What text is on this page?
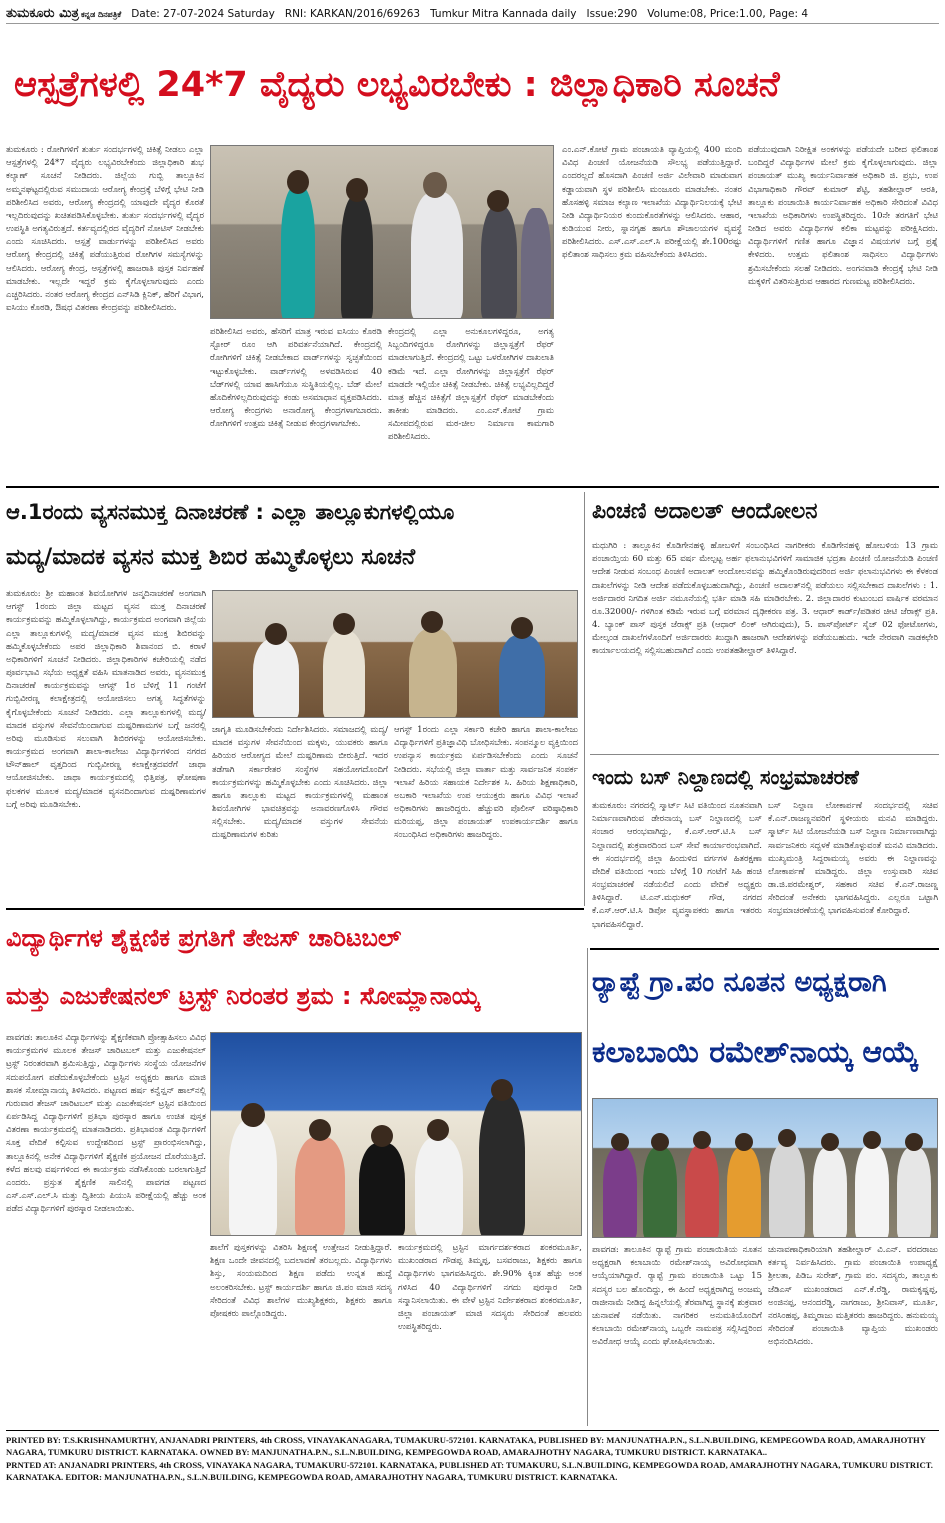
ತುಮಕೂರು ಮಿತ್ರ ಕನ್ನಡ ದಿನಪತ್ರಿಕೆ Date: 27-07-2024 Saturday RNI: KARKAN/2016/69263 Tumkur Mitra Kannada daily Issue:290 Volume:08, Price:1.00, Page: 4
ಆಸ್ಪತ್ರೆಗಳಲ್ಲಿ 24*7 ವೈದ್ಯರು ಲಭ್ಯವಿರಬೇಕು : ಜಿಲ್ಲಾಧಿಕಾರಿ ಸೂಚನೆ
ತುಮಕೂರು : ರೋಗಿಗಳಿಗೆ ತುರ್ತು ಸಂದರ್ಭಗಳಲ್ಲಿ ಚಿಕಿತ್ಸೆ ನೀಡಲು ಎಲ್ಲಾ ಆಸ್ಪತ್ರೆಗಳಲ್ಲಿ 24*7 ವೈದ್ಯರು ಲಭ್ಯವಿರಬೇಕೆಂದು ಜಿಲ್ಲಾಧಿಕಾರಿ ಶುಭ ಕಲ್ಯಾಣ್ ಸೂಚನೆ ನೀಡಿದರು. ಜಿಲ್ಲೆಯ ಗುಬ್ಬಿ ತಾಲ್ಲೂಕಿನ ಅಮ್ಮನಘಟ್ಟದಲ್ಲಿರುವ ಸಮುದಾಯ ಆರೋಗ್ಯ ಕೇಂದ್ರಕ್ಕೆ ಬೆಳಿಗ್ಗೆ ಭೇಟಿ ನೀಡಿ ಪರಿಶೀಲಿಸಿದ ಅವರು, ಆರೋಗ್ಯ ಕೇಂದ್ರದಲ್ಲಿ ಯಾವುದೇ ವೈದ್ಯರ ಕೊರತೆ ಇಲ್ಲದಿರುವುದನ್ನು ಖಚಿತಪಡಿಸಿಕೊಳ್ಳಬೇಕು. ತುರ್ತು ಸಂದರ್ಭಗಳಲ್ಲಿ ವೈದ್ಯರ ಉಪಸ್ಥಿತಿ ಅಗತ್ಯವಿರುತ್ತದೆ. ಕರ್ತವ್ಯದಲ್ಲಿರದ ವೈದ್ಯರಿಗೆ ನೋಟಿಸ್ ನೀಡಬೇಕು ಎಂದು ಸೂಚಿಸಿದರು. ಆಸ್ಪತ್ರೆ ವಾರ್ಡುಗಳನ್ನು ಪರಿಶೀಲಿಸಿದ ಅವರು ಆರೋಗ್ಯ ಕೇಂದ್ರದಲ್ಲಿ ಚಿಕಿತ್ಸೆ ಪಡೆಯುತ್ತಿರುವ ರೋಗಿಗಳ ಸಮಸ್ಯೆಗಳನ್ನು ಆಲಿಸಿದರು. ಆರೋಗ್ಯ ಕೇಂದ್ರ, ಆಸ್ಪತ್ರೆಗಳಲ್ಲಿ ಹಾಜರಾತಿ ಪುಸ್ತಕ ನಿರ್ವಹಣೆ ಮಾಡಬೇಕು. ಇಲ್ಲದೇ ಇದ್ದರೆ ಕ್ರಮ ಕೈಗೊಳ್ಳಲಾಗುವುದು ಎಂದು ಎಚ್ಚರಿಸಿದರು. ನಂತರ ಆರೋಗ್ಯ ಕೇಂದ್ರದ ಎನ್‌ಸಿಡಿ ಕ್ಲಿನಿಕ್, ಹೆರಿಗೆ ವಿಭಾಗ, ಐಸಿಯು ಕೊಠಡಿ, ಔಷಧ ವಿತರಣಾ ಕೇಂದ್ರವನ್ನು ಪರಿಶೀಲಿಸಿದರು.
ಪರಿಶೀಲಿಸಿದ ಅವರು, ಹೆಸರಿಗೆ ಮಾತ್ರ ಇರುವ ಐಸಿಯು ಕೊಠಡಿ ಸ್ಟೋರ್ ರೂಂ ಆಗಿ ಪರಿವರ್ತನೆಯಾಗಿದೆ. ಕೇಂದ್ರದಲ್ಲಿ ರೋಗಿಗಳಿಗೆ ಚಿಕಿತ್ಸೆ ನೀಡಬೇಕಾದ ವಾರ್ಡ್‌ಗಳನ್ನು ಸ್ವಚ್ಛತೆಯಿಂದ ಇಟ್ಟುಕೊಳ್ಳಬೇಕು. ವಾರ್ಡ್‌ಗಳಲ್ಲಿ ಅಳವಡಿಸಿರುವ 40 ಬೆಡ್‌ಗಳಲ್ಲಿ ಯಾವ ಹಾಸಿಗೆಯೂ ಸುಸ್ಥಿತಿಯಲ್ಲಿಲ್ಲ. ಬೆಡ್ ಮೇಲೆ ಹೊದಿಕೆಗಳಿಲ್ಲದಿರುವುದನ್ನು ಕಂಡು ಅಸಮಾಧಾನ ವ್ಯಕ್ತಪಡಿಸಿದರು. ಆರೋಗ್ಯ ಕೇಂದ್ರಗಳು ಅನಾರೋಗ್ಯ ಕೇಂದ್ರಗಳಾಗಬಾರದು. ರೋಗಿಗಳಿಗೆ ಉತ್ತಮ ಚಿಕಿತ್ಸೆ ನೀಡುವ ಕೇಂದ್ರಗಳಾಗಬೇಕು.
ಕೇಂದ್ರದಲ್ಲಿ ಎಲ್ಲಾ ಅನುಕೂಲಗಳಿದ್ದರೂ, ಅಗತ್ಯ ಸಿಬ್ಬಂದಿಗಳಿದ್ದರೂ ರೋಗಿಗಳನ್ನು ಜಿಲ್ಲಾಸ್ಪತ್ರೆಗೆ ರೆಫರ್ ಮಾಡಲಾಗುತ್ತಿದೆ. ಕೇಂದ್ರದಲ್ಲಿ ಒಟ್ಟು ಒಳರೋಗಿಗಳ ದಾಖಲಾತಿ ಕಡಿಮೆ ಇದೆ. ಎಲ್ಲಾ ರೋಗಿಗಳನ್ನು ಜಿಲ್ಲಾಸ್ಪತ್ರೆಗೆ ರೆಫರ್ ಮಾಡದೇ ಇಲ್ಲಿಯೇ ಚಿಕಿತ್ಸೆ ನೀಡಬೇಕು. ಚಿಕಿತ್ಸೆ ಲಭ್ಯವಿಲ್ಲದಿದ್ದರೆ ಮಾತ್ರ ಹೆಚ್ಚಿನ ಚಿಕಿತ್ಸೆಗೆ ಜಿಲ್ಲಾಸ್ಪತ್ರೆಗೆ ರೆಫರ್ ಮಾಡಬೇಕೆಂದು ತಾಕೀತು ಮಾಡಿದರು. ಎಂ.ಎನ್.ಕೋಟೆ ಗ್ರಾಮ ಸಮೀಪದಲ್ಲಿರುವ ಮಠ-ಚೀಲ ನಿರ್ಮಾಣ ಕಾಮಗಾರಿ ಪರಿಶೀಲಿಸಿದರು.
ಎಂ.ಎನ್.ಕೋಟೆ ಗ್ರಾಮ ಪಂಚಾಯತಿ ವ್ಯಾಪ್ತಿಯಲ್ಲಿ 400 ಮಂದಿ ವಿವಿಧ ಪಿಂಚಣಿ ಯೋಜನೆಯಡಿ ಸೌಲಭ್ಯ ಪಡೆಯುತ್ತಿದ್ದಾರೆ. ಎಂದರಲ್ಲದೆ ಹೊಸದಾಗಿ ಪಿಂಚಣಿ ಅರ್ಜಿ ವಿಲೇವಾರಿ ಮಾಡುವಾಗ ಕಡ್ಡಾಯವಾಗಿ ಸ್ಥಳ ಪರಿಶೀಲಿಸಿ ಮಂಜೂರು ಮಾಡಬೇಕು. ನಂತರ ಹೊಸಹಳ್ಳಿ ಸಮಾಜ ಕಲ್ಯಾಣ ಇಲಾಖೆಯ ವಿದ್ಯಾರ್ಥಿನಿಲಯಕ್ಕೆ ಭೇಟಿ ನೀಡಿ ವಿದ್ಯಾರ್ಥಿನಿಯರ ಕುಂದುಕೊರತೆಗಳನ್ನು ಆಲಿಸಿದರು. ಆಹಾರ, ಕುಡಿಯುವ ನೀರು, ಸ್ನಾನಗೃಹ ಹಾಗೂ ಶೌಚಾಲಯಗಳ ವ್ಯವಸ್ಥೆ ಪರಿಶೀಲಿಸಿದರು. ಎಸ್.ಎಸ್.ಎಲ್.ಸಿ ಪರೀಕ್ಷೆಯಲ್ಲಿ ಶೇ.100ರಷ್ಟು ಫಲಿತಾಂಶ ಸಾಧಿಸಲು ಕ್ರಮ ವಹಿಸಬೇಕೆಂದು ತಿಳಿಸಿದರು.
ಪಡೆಯುವುದಾಗಿ ನಿರೀಕ್ಷಿತ ಅಂಕಗಳನ್ನು ಪಡೆಯದೇ ಬರೀದ ಫಲಿತಾಂಶ ಬಂದಿದ್ದರೆ ವಿದ್ಯಾರ್ಥಿಗಳ ಮೇಲೆ ಕ್ರಮ ಕೈಗೊಳ್ಳಲಾಗುವುದು. ಜಿಲ್ಲಾ ಪಂಚಾಯತ್ ಮುಖ್ಯ ಕಾರ್ಯನಿರ್ವಾಹಕ ಅಧಿಕಾರಿ ಜಿ. ಪ್ರಭು, ಉಪ ವಿಭಾಗಾಧಿಕಾರಿ ಗೌರವ್ ಕುಮಾರ್ ಶೆಟ್ಟಿ, ತಹಶೀಲ್ದಾರ್ ಆರತಿ, ತಾಲ್ಲೂಕು ಪಂಚಾಯಿತಿ ಕಾರ್ಯನಿರ್ವಾಹಕ ಅಧಿಕಾರಿ ಸೇರಿದಂತೆ ವಿವಿಧ ಇಲಾಖೆಯ ಅಧಿಕಾರಿಗಳು ಉಪಸ್ಥಿತರಿದ್ದರು. 10ನೇ ತರಗತಿಗೆ ಭೇಟಿ ನೀಡಿದ ಅವರು ವಿದ್ಯಾರ್ಥಿಗಳ ಕಲಿಕಾ ಮಟ್ಟವನ್ನು ಪರೀಕ್ಷಿಸಿದರು. ವಿದ್ಯಾರ್ಥಿಗಳಿಗೆ ಗಣಿತ ಹಾಗೂ ವಿಜ್ಞಾನ ವಿಷಯಗಳ ಬಗ್ಗೆ ಪ್ರಶ್ನೆ ಕೇಳಿದರು. ಉತ್ತಮ ಫಲಿತಾಂಶ ಸಾಧಿಸಲು ವಿದ್ಯಾರ್ಥಿಗಳು ಶ್ರಮಿಸಬೇಕೆಂದು ಸಲಹೆ ನೀಡಿದರು. ಅಂಗನವಾಡಿ ಕೇಂದ್ರಕ್ಕೆ ಭೇಟಿ ನೀಡಿ ಮಕ್ಕಳಿಗೆ ವಿತರಿಸುತ್ತಿರುವ ಆಹಾರದ ಗುಣಮಟ್ಟ ಪರಿಶೀಲಿಸಿದರು.
ಆ.1ರಂದು ವ್ಯಸನಮುಕ್ತ ದಿನಾಚರಣೆ : ಎಲ್ಲಾ ತಾಲ್ಲೂಕುಗಳಲ್ಲಿಯೂ
ಮದ್ಯ/ಮಾದಕ ವ್ಯಸನ ಮುಕ್ತ ಶಿಬಿರ ಹಮ್ಮಿಕೊಳ್ಳಲು ಸೂಚನೆ
ತುಮಕೂರು: ಶ್ರೀ ಮಹಾಂತ ಶಿವಯೋಗಿಗಳ ಜನ್ಮದಿನಾಚರಣೆ ಅಂಗವಾಗಿ ಆಗಸ್ಟ್ 1ರಂದು ಜಿಲ್ಲಾ ಮಟ್ಟದ ವ್ಯಸನ ಮುಕ್ತ ದಿನಾಚರಣೆ ಕಾರ್ಯಕ್ರಮವನ್ನು ಹಮ್ಮಿಕೊಳ್ಳಲಾಗಿದ್ದು, ಕಾರ್ಯಕ್ರಮದ ಅಂಗವಾಗಿ ಜಿಲ್ಲೆಯ ಎಲ್ಲಾ ತಾಲ್ಲೂಕುಗಳಲ್ಲಿ ಮದ್ಯ/ಮಾದಕ ವ್ಯಸನ ಮುಕ್ತ ಶಿಬಿರವನ್ನು ಹಮ್ಮಿಕೊಳ್ಳಬೇಕೆಂದು ಅಪರ ಜಿಲ್ಲಾಧಿಕಾರಿ ಶಿವಾನಂದ ಬಿ. ಕರಾಳೆ ಅಧಿಕಾರಿಗಳಿಗೆ ಸೂಚನೆ ನೀಡಿದರು. ಜಿಲ್ಲಾಧಿಕಾರಿಗಳ ಕಚೇರಿಯಲ್ಲಿ ನಡೆದ ಪೂರ್ವಭಾವಿ ಸಭೆಯ ಅಧ್ಯಕ್ಷತೆ ವಹಿಸಿ ಮಾತನಾಡಿದ ಅವರು, ವ್ಯಸನಮುಕ್ತ ದಿನಾಚರಣೆ ಕಾರ್ಯಕ್ರಮವನ್ನು ಆಗಸ್ಟ್ 1ರ ಬೆಳಿಗ್ಗೆ 11 ಗಂಟೆಗೆ ಗುಬ್ಬಿವೀರಣ್ಣ ಕಲಾಕ್ಷೇತ್ರದಲ್ಲಿ ಆಯೋಜಿಸಲು ಅಗತ್ಯ ಸಿದ್ಧತೆಗಳನ್ನು ಕೈಗೊಳ್ಳಬೇಕೆಂದು ಸೂಚನೆ ನೀಡಿದರು. ಎಲ್ಲಾ ತಾಲ್ಲೂಕುಗಳಲ್ಲಿ ಮದ್ಯ/ಮಾದಕ ವಸ್ತುಗಳ ಸೇವನೆಯಿಂದಾಗುವ ದುಷ್ಪರಿಣಾಮಗಳ ಬಗ್ಗೆ ಜನರಲ್ಲಿ ಅರಿವು ಮೂಡಿಸುವ ಸಲುವಾಗಿ ಶಿಬಿರಗಳನ್ನು ಆಯೋಜಿಸಬೇಕು. ಕಾರ್ಯಕ್ರಮದ ಅಂಗವಾಗಿ ಶಾಲಾ-ಕಾಲೇಜು ವಿದ್ಯಾರ್ಥಿಗಳಿಂದ ನಗರದ ಟೌನ್‌ಹಾಲ್ ವೃತ್ತದಿಂದ ಗುಬ್ಬಿವೀರಣ್ಣ ಕಲಾಕ್ಷೇತ್ರದವರೆಗೆ ಜಾಥಾ ಆಯೋಜಿಸಬೇಕು. ಜಾಥಾ ಕಾರ್ಯಕ್ರಮದಲ್ಲಿ ಭಿತ್ತಿಪತ್ರ, ಘೋಷಣಾ ಫಲಕಗಳ ಮೂಲಕ ಮದ್ಯ/ಮಾದಕ ವ್ಯಸನದಿಂದಾಗುವ ದುಷ್ಪರಿಣಾಮಗಳ ಬಗ್ಗೆ ಅರಿವು ಮೂಡಿಸಬೇಕು.
ಜಾಗೃತಿ ಮೂಡಿಸಬೇಕೆಂದು ನಿರ್ದೇಶಿಸಿದರು. ಸಮಾಜದಲ್ಲಿ ಮದ್ಯ/ಮಾದಕ ವಸ್ತುಗಳ ಸೇವನೆಯಿಂದ ಮಕ್ಕಳು, ಯುವಕರು ಹಾಗೂ ಹಿರಿಯರ ಆರೋಗ್ಯದ ಮೇಲೆ ದುಷ್ಪರಿಣಾಮ ಬೀರುತ್ತಿದೆ. ಇದರ ತಡೆಗಾಗಿ ಸರ್ಕಾರೇತರ ಸಂಸ್ಥೆಗಳ ಸಹಯೋಗದೊಂದಿಗೆ ಕಾರ್ಯಕ್ರಮಗಳನ್ನು ಹಮ್ಮಿಕೊಳ್ಳಬೇಕು ಎಂದು ಸೂಚಿಸಿದರು. ಜಿಲ್ಲಾ ಹಾಗೂ ತಾಲ್ಲೂಕು ಮಟ್ಟದ ಕಾರ್ಯಕ್ರಮಗಳಲ್ಲಿ ಮಹಾಂತ ಶಿವಯೋಗಿಗಳ ಭಾವಚಿತ್ರವನ್ನು ಅನಾವರಣಗೊಳಿಸಿ ಗೌರವ ಸಲ್ಲಿಸಬೇಕು. ಮದ್ಯ/ಮಾದಕ ವಸ್ತುಗಳ ಸೇವನೆಯ ದುಷ್ಪರಿಣಾಮಗಳ ಕುರಿತು
ಆಗಸ್ಟ್ 1ರಂದು ಎಲ್ಲಾ ಸರ್ಕಾರಿ ಕಚೇರಿ ಹಾಗೂ ಶಾಲಾ-ಕಾಲೇಜು ವಿದ್ಯಾರ್ಥಿಗಳಿಗೆ ಪ್ರತಿಜ್ಞಾವಿಧಿ ಬೋಧಿಸಬೇಕು. ಸಂಪನ್ಮೂಲ ವ್ಯಕ್ತಿಯಿಂದ ಉಪನ್ಯಾಸ ಕಾರ್ಯಕ್ರಮ ಏರ್ಪಡಿಸಬೇಕೆಂದು ಎಂದು ಸೂಚನೆ ನೀಡಿದರು. ಸಭೆಯಲ್ಲಿ ಜಿಲ್ಲಾ ವಾರ್ತಾ ಮತ್ತು ಸಾರ್ವಜನಿಕ ಸಂಪರ್ಕ ಇಲಾಖೆ ಹಿರಿಯ ಸಹಾಯಕ ನಿರ್ದೇಶಕ ಸಿ. ಹಿರಿಯ ಶಿಕ್ಷಣಾಧಿಕಾರಿ, ಅಬಕಾರಿ ಇಲಾಖೆಯ ಉಪ ಆಯುಕ್ತರು ಹಾಗೂ ವಿವಿಧ ಇಲಾಖೆ ಅಧಿಕಾರಿಗಳು ಹಾಜರಿದ್ದರು. ಹೆಚ್ಚುವರಿ ಪೊಲೀಸ್ ವರಿಷ್ಠಾಧಿಕಾರಿ ಮರಿಯಪ್ಪ, ಜಿಲ್ಲಾ ಪಂಚಾಯತ್ ಉಪಕಾರ್ಯದರ್ಶಿ ಹಾಗೂ ಸಂಬಂಧಿಸಿದ ಅಧಿಕಾರಿಗಳು ಹಾಜರಿದ್ದರು.
ಪಿಂಚಣಿ ಅದಾಲತ್ ಆಂದೋಲನ
ಮಧುಗಿರಿ : ತಾಲ್ಲೂಕಿನ ಕೊಡಿಗೇನಹಳ್ಳಿ ಹೋಬಳಿಗೆ ಸಂಬಂಧಿಸಿದ ನಾಗರೀಕರು ಕೊಡಿಗೇನಹಳ್ಳಿ ಹೋಬಳಿಯ 13 ಗ್ರಾಮ ಪಂಚಾಯ್ತಿಯ 60 ಮತ್ತು 65 ವರ್ಷ ಮೇಲ್ಪಟ್ಟ ಅರ್ಹ ಫಲಾನುಭವಿಗಳಿಗೆ ಸಾಮಾಜಿಕ ಭದ್ರತಾ ಪಿಂಚಣಿ ಯೋಜನೆಯಡಿ ಪಿಂಚಣಿ ಆದೇಶ ನೀಡುವ ಸಂಬಂಧ ಪಿಂಚಣಿ ಅದಾಲತ್ ಆಂದೋಲನವನ್ನು ಹಮ್ಮಿಕೊಂಡಿರುವುದರಿಂದ ಅರ್ಜಿ ಫಲಾನುಭವಿಗಳು ಈ ಕೆಳಕಂಡ ದಾಖಲೆಗಳನ್ನು ನೀಡಿ ಆದೇಶ ಪಡೆದುಕೊಳ್ಳಬಹುದಾಗಿದ್ದು, ಪಿಂಚಣಿ ಅದಾಲತ್‌ನಲ್ಲಿ ಪಡೆಯಲು ಸಲ್ಲಿಸಬೇಕಾದ ದಾಖಲೆಗಳು : 1. ಅರ್ಜಿದಾರರ ನಿಗದಿತ ಅರ್ಜಿ ನಮೂನೆಯಲ್ಲಿ ಭರ್ತಿ ಮಾಡಿ ಸಹಿ ಮಾಡಿರಬೇಕು. 2. ಜಿಲ್ಲಾದಾರರ ಕುಟುಂಬದ ವಾರ್ಷಿಕ ವರಮಾನ ರೂ.32000/- ಗಳಿಗಿಂತ ಕಡಿಮೆ ಇರುವ ಬಗ್ಗೆ ವರಮಾನ ದೃಢೀಕರಣ ಪತ್ರ. 3. ಆಧಾರ್ ಕಾರ್ಡ್/ಪಡಿತರ ಚೀಟಿ ಜೆರಾಕ್ಸ್ ಪ್ರತಿ. 4. ಬ್ಯಾಂಕ್ ಪಾಸ್ ಪುಸ್ತಕ ಜೆರಾಕ್ಸ್ ಪ್ರತಿ (ಆಧಾರ್ ಲಿಂಕ್ ಆಗಿರುವುದು), 5. ಪಾಸ್‌ಪೋರ್ಟ್ ಸೈಜ್ 02 ಫೋಟೋಗಳು, ಮೇಲ್ಕಂಡ ದಾಖಲೆಗಳೊಂದಿಗೆ ಅರ್ಜಿದಾರರು ಖುದ್ದಾಗಿ ಹಾಜರಾಗಿ ಆದೇಶಗಳನ್ನು ಪಡೆಯಬಹುದು. ಇದೇ ನೇರವಾಗಿ ನಾಡಕಛೇರಿ ಕಾರ್ಯಾಲಯದಲ್ಲಿ ಸಲ್ಲಿಸಬಹುದಾಗಿದೆ ಎಂದು ಉಪತಹಶೀಲ್ದಾರ್ ತಿಳಿಸಿದ್ದಾರೆ.
ಇಂದು ಬಸ್ ನಿಲ್ದಾಣದಲ್ಲಿ ಸಂಭ್ರಮಾಚರಣೆ
ತುಮಕೂರು: ನಗರದಲ್ಲಿ ಸ್ಮಾರ್ಟ್ ಸಿಟಿ ವತಿಯಿಂದ ನೂತನವಾಗಿ ನಿರ್ಮಾಣವಾಗಿರುವ ಡೇರನಾಯ್ಕ ಬಸ್ ನಿಲ್ದಾಣದಲ್ಲಿ ಬಸ್ ಸಂಚಾರ ಆರಂಭವಾಗಿದ್ದು, ಕೆ.ಎಸ್.ಆರ್.ಟಿ.ಸಿ ಬಸ್ ನಿಲ್ದಾಣದಲ್ಲಿ ಶುಕ್ರವಾರದಿಂದ ಬಸ್ ಸೇವೆ ಕಾರ್ಯಾರಂಭವಾಗಿದೆ. ಈ ಸಂದರ್ಭದಲ್ಲಿ ಜಿಲ್ಲಾ ಹಿಂದುಳಿದ ವರ್ಗಗಳ ಹಿತರಕ್ಷಣಾ ವೇದಿಕೆ ವತಿಯಿಂದ ಇಂದು ಬೆಳಿಗ್ಗೆ 10 ಗಂಟೆಗೆ ಸಿಹಿ ಹಂಚಿ ಸಂಭ್ರಮಾಚರಣೆ ನಡೆಯಲಿದೆ ಎಂದು ವೇದಿಕೆ ಅಧ್ಯಕ್ಷರು ತಿಳಿಸಿದ್ದಾರೆ. ಟಿ.ಎನ್.ಮಧುಕರ್ ಗೌಡ, ನಗರದ ಕೆ.ಎಸ್.ಆರ್.ಟಿ.ಸಿ ಡಿಪೋ ವ್ಯವಸ್ಥಾಪಕರು ಹಾಗೂ ಇತರರು ಭಾಗವಹಿಸಲಿದ್ದಾರೆ.
ಬಸ್ ನಿಲ್ದಾಣ ಲೋಕಾರ್ಪಣೆ ಸಂದರ್ಭದಲ್ಲಿ ಸಚಿವ ಕೆ.ಎನ್.ರಾಜಣ್ಣನವರಿಗೆ ಸ್ಥಳೀಯರು ಮನವಿ ಮಾಡಿದ್ದರು. ಸ್ಮಾರ್ಟ್ ಸಿಟಿ ಯೋಜನೆಯಡಿ ಬಸ್ ನಿಲ್ದಾಣ ನಿರ್ಮಾಣವಾಗಿದ್ದು ಸಾರ್ವಜನಿಕರು ಸದ್ಬಳಕೆ ಮಾಡಿಕೊಳ್ಳುವಂತೆ ಮನವಿ ಮಾಡಿದರು. ಮುಖ್ಯಮಂತ್ರಿ ಸಿದ್ದರಾಮಯ್ಯ ಅವರು ಈ ನಿಲ್ದಾಣವನ್ನು ಲೋಕಾರ್ಪಣೆ ಮಾಡಿದ್ದರು. ಜಿಲ್ಲಾ ಉಸ್ತುವಾರಿ ಸಚಿವ ಡಾ.ಜಿ.ಪರಮೇಶ್ವರ್, ಸಹಕಾರ ಸಚಿವ ಕೆ.ಎನ್.ರಾಜಣ್ಣ ಸೇರಿದಂತೆ ಅನೇಕರು ಭಾಗವಹಿಸಿದ್ದರು. ಎಲ್ಲರೂ ಒಟ್ಟಾಗಿ ಸಂಭ್ರಮಾಚರಣೆಯಲ್ಲಿ ಭಾಗವಹಿಸುವಂತೆ ಕೋರಿದ್ದಾರೆ.
ವಿದ್ಯಾರ್ಥಿಗಳ ಶೈಕ್ಷಣಿಕ ಪ್ರಗತಿಗೆ ತೇಜಸ್ ಚಾರಿಟಬಲ್
ಮತ್ತು ಎಜುಕೇಷನಲ್ ಟ್ರಸ್ಟ್ ನಿರಂತರ ಶ್ರಮ : ಸೋಮ್ಲಾನಾಯ್ಕ
ಪಾವಗಡ: ತಾಲೂಕಿನ ವಿದ್ಯಾರ್ಥಿಗಳನ್ನು ಶೈಕ್ಷಣಿಕವಾಗಿ ಪ್ರೋತ್ಸಾಹಿಸಲು ವಿವಿಧ ಕಾರ್ಯಕ್ರಮಗಳ ಮೂಲಕ ತೇಜಸ್ ಚಾರಿಟಬಲ್ ಮತ್ತು ಎಜುಕೇಷನಲ್ ಟ್ರಸ್ಟ್ ನಿರಂತರವಾಗಿ ಶ್ರಮಿಸುತ್ತಿದ್ದು, ವಿದ್ಯಾರ್ಥಿಗಳು ಸಂಸ್ಥೆಯ ಯೋಜನೆಗಳ ಸದುಪಯೋಗ ಪಡೆದುಕೊಳ್ಳಬೇಕೆಂದು ಟ್ರಸ್ಟಿನ ಅಧ್ಯಕ್ಷರು ಹಾಗೂ ಮಾಜಿ ಶಾಸಕ ಸೋಮ್ಲಾನಾಯ್ಕ ತಿಳಿಸಿದರು. ಪಟ್ಟಣದ ಹರ್ಷ ಕನ್ವೆನ್ಷನ್ ಹಾಲ್‌ನಲ್ಲಿ ಗುರುವಾರ ತೇಜಸ್ ಚಾರಿಟಬಲ್ ಮತ್ತು ಎಜುಕೇಷನಲ್ ಟ್ರಸ್ಟಿನ ವತಿಯಿಂದ ಏರ್ಪಡಿಸಿದ್ದ ವಿದ್ಯಾರ್ಥಿಗಳಿಗೆ ಪ್ರತಿಭಾ ಪುರಸ್ಕಾರ ಹಾಗೂ ಉಚಿತ ಪುಸ್ತಕ ವಿತರಣಾ ಕಾರ್ಯಕ್ರಮದಲ್ಲಿ ಮಾತನಾಡಿದರು. ಪ್ರತಿಭಾವಂತ ವಿದ್ಯಾರ್ಥಿಗಳಿಗೆ ಸೂಕ್ತ ವೇದಿಕೆ ಕಲ್ಪಿಸುವ ಉದ್ದೇಶದಿಂದ ಟ್ರಸ್ಟ್ ಪ್ರಾರಂಭಿಸಲಾಗಿದ್ದು, ತಾಲ್ಲೂಕಿನಲ್ಲಿ ಅನೇಕ ವಿದ್ಯಾರ್ಥಿಗಳಿಗೆ ಶೈಕ್ಷಣಿಕ ಪ್ರಯೋಜನ ದೊರೆಯುತ್ತಿದೆ. ಕಳೆದ ಹಲವು ವರ್ಷಗಳಿಂದ ಈ ಕಾರ್ಯಕ್ರಮ ನಡೆಸಿಕೊಂಡು ಬರಲಾಗುತ್ತಿದೆ ಎಂದರು. ಪ್ರಸ್ತುತ ಶೈಕ್ಷಣಿಕ ಸಾಲಿನಲ್ಲಿ ಪಾವಗಡ ಪಟ್ಟಣದ ಎಸ್.ಎಸ್.ಎಲ್.ಸಿ ಮತ್ತು ದ್ವಿತೀಯ ಪಿಯುಸಿ ಪರೀಕ್ಷೆಯಲ್ಲಿ ಹೆಚ್ಚು ಅಂಕ ಪಡೆದ ವಿದ್ಯಾರ್ಥಿಗಳಿಗೆ ಪುರಸ್ಕಾರ ನೀಡಲಾಯಿತು.
ಶಾಲೆಗೆ ಪುಸ್ತಕಗಳನ್ನು ವಿತರಿಸಿ ಶಿಕ್ಷಣಕ್ಕೆ ಉತ್ತೇಜನ ನೀಡುತ್ತಿದ್ದಾರೆ. ಶಿಕ್ಷಣ ಒಂದೇ ಜೀವನದಲ್ಲಿ ಬದಲಾವಣೆ ತರಬಲ್ಲದು. ವಿದ್ಯಾರ್ಥಿಗಳು ಶಿಸ್ತು, ಸಂಯಮದಿಂದ ಶಿಕ್ಷಣ ಪಡೆದು ಉನ್ನತ ಹುದ್ದೆ ಅಲಂಕರಿಸಬೇಕು. ಟ್ರಸ್ಟ್ ಕಾರ್ಯದರ್ಶಿ ಹಾಗೂ ಜಿ.ಪಂ ಮಾಜಿ ಸದಸ್ಯ ಸೇರಿದಂತೆ ವಿವಿಧ ಶಾಲೆಗಳ ಮುಖ್ಯಶಿಕ್ಷಕರು, ಶಿಕ್ಷಕರು ಹಾಗೂ ಪೋಷಕರು ಪಾಲ್ಗೊಂಡಿದ್ದರು.
ಕಾರ್ಯಕ್ರಮದಲ್ಲಿ ಟ್ರಸ್ಟಿನ ಮಾರ್ಗದರ್ಶಕರಾದ ಶಂಕರಮೂರ್ತಿ, ಮುಖಂಡರಾದ ಗೌಡಪ್ಪ ತಿಮ್ಮಪ್ಪ, ಬಸವರಾಜು, ಶಿಕ್ಷಕರು ಹಾಗೂ ವಿದ್ಯಾರ್ಥಿಗಳು ಭಾಗವಹಿಸಿದ್ದರು. ಶೇ.90% ಕ್ಕಿಂತ ಹೆಚ್ಚು ಅಂಕ ಗಳಿಸಿದ 40 ವಿದ್ಯಾರ್ಥಿಗಳಿಗೆ ನಗದು ಪುರಸ್ಕಾರ ನೀಡಿ ಸನ್ಮಾನಿಸಲಾಯಿತು. ಈ ವೇಳೆ ಟ್ರಸ್ಟಿನ ನಿರ್ದೇಶಕರಾದ ಶಂಕರಮೂರ್ತಿ, ಜಿಲ್ಲಾ ಪಂಚಾಯತ್ ಮಾಜಿ ಸದಸ್ಯರು ಸೇರಿದಂತೆ ಹಲವರು ಉಪಸ್ಥಿತರಿದ್ದರು.
ರ್‍ಯಾಪ್ಟೆ ಗ್ರಾ.ಪಂ ನೂತನ ಅಧ್ಯಕ್ಷರಾಗಿ
ಕಲಾಬಾಯಿ ರಮೇಶ್‌ನಾಯ್ಕ ಆಯ್ಕೆ
ಪಾವಗಡ: ತಾಲೂಕಿನ ರ್‍ಯಾಪ್ಟೆ ಗ್ರಾಮ ಪಂಚಾಯಿತಿಯ ನೂತನ ಅಧ್ಯಕ್ಷರಾಗಿ ಕಲಾಬಾಯಿ ರಮೇಶ್‌ನಾಯ್ಕ ಅವಿರೋಧವಾಗಿ ಆಯ್ಕೆಯಾಗಿದ್ದಾರೆ. ರ್‍ಯಾಪ್ಟೆ ಗ್ರಾಮ ಪಂಚಾಯಿತಿ ಒಟ್ಟು 15 ಸದಸ್ಯರ ಬಲ ಹೊಂದಿದ್ದು, ಈ ಹಿಂದೆ ಅಧ್ಯಕ್ಷರಾಗಿದ್ದ ಅಂಜಮ್ಮ ರಾಜೀನಾಮೆ ನೀಡಿದ್ದ ಹಿನ್ನಲೆಯಲ್ಲಿ ತೆರವಾಗಿದ್ದ ಸ್ಥಾನಕ್ಕೆ ಶುಕ್ರವಾರ ಚುನಾವಣೆ ನಡೆಯಿತು. ನಾಗರಿಕರ ಅನುಮತಿಯೊಂದಿಗೆ ಕಲಾಬಾಯಿ ರಮೇಶ್‌ನಾಯ್ಕ ಒಬ್ಬರೇ ನಾಮಪತ್ರ ಸಲ್ಲಿಸಿದ್ದರಿಂದ ಅವಿರೋಧ ಆಯ್ಕೆ ಎಂದು ಘೋಷಿಸಲಾಯಿತು.
ಚುನಾವಣಾಧಿಕಾರಿಯಾಗಿ ತಹಶೀಲ್ದಾರ್ ವಿ.ಎನ್. ವರದರಾಜು ಕರ್ತವ್ಯ ನಿರ್ವಹಿಸಿದರು. ಗ್ರಾಮ ಪಂಚಾಯಿತಿ ಉಪಾಧ್ಯಕ್ಷೆ ಶ್ರೀಲತಾ, ಪಿಡಿಒ ಸುರೇಶ್, ಗ್ರಾಮ ಪಂ. ಸದಸ್ಯರು, ತಾಲ್ಲೂಕು ಜೆಡಿಎಸ್ ಮುಖಂಡರಾದ ಎನ್.ಕೆ.ರೆಡ್ಡಿ, ರಾಮಕೃಷ್ಣಪ್ಪ, ಅಂಜಿನಪ್ಪ, ಆನಂದರೆಡ್ಡಿ, ನಾಗರಾಜು, ಶ್ರೀನಿವಾಸ್, ಮೂರ್ತಿ, ನರಸಿಂಹಪ್ಪ, ತಿಮ್ಮರಾಜು ಮತ್ತಿತರರು ಹಾಜರಿದ್ದರು. ಹನುಮಯ್ಯ ಸೇರಿದಂತೆ ಪಂಚಾಯಿತಿ ವ್ಯಾಪ್ತಿಯ ಮುಖಂಡರು ಅಭಿನಂದಿಸಿದರು.

PRINTED BY: T.S.KRISHNAMURTHY, ANJANADRI PRINTERS, 4th CROSS, VINAYAKANAGARA, TUMAKURU-572101. KARNATAKA, PUBLISHED BY: MANJUNATHA.P.N., S.L.N.BUILDING, KEMPEGOWDA ROAD, AMARAJHOTHY NAGARA, TUMKURU DISTRICT. KARNATAKA. OWNED BY: MANJUNATHA.P.N., S.L.N.BUILDING, KEMPEGOWDA ROAD, AMARAJHOTHY NAGARA, TUMKURU DISTRICT. KARNATAKA..

PRNTED AT: ANJANADRI PRINTERS, 4th CROSS, VINAYAKA NAGARA, TUMAKURU-572101. KARNATAKA, PUBLISHED AT: TUMAKURU, S.L.N.BUILDING, KEMPEGOWDA ROAD, AMARAJHOTHY NAGARA, TUMKURU DISTRICT. KARNATAKA. EDITOR: MANJUNATHA.P.N., S.L.N.BUILDING, KEMPEGOWDA ROAD, AMARAJHOTHY NAGARA, TUMKURU DISTRICT. KARNATAKA.
